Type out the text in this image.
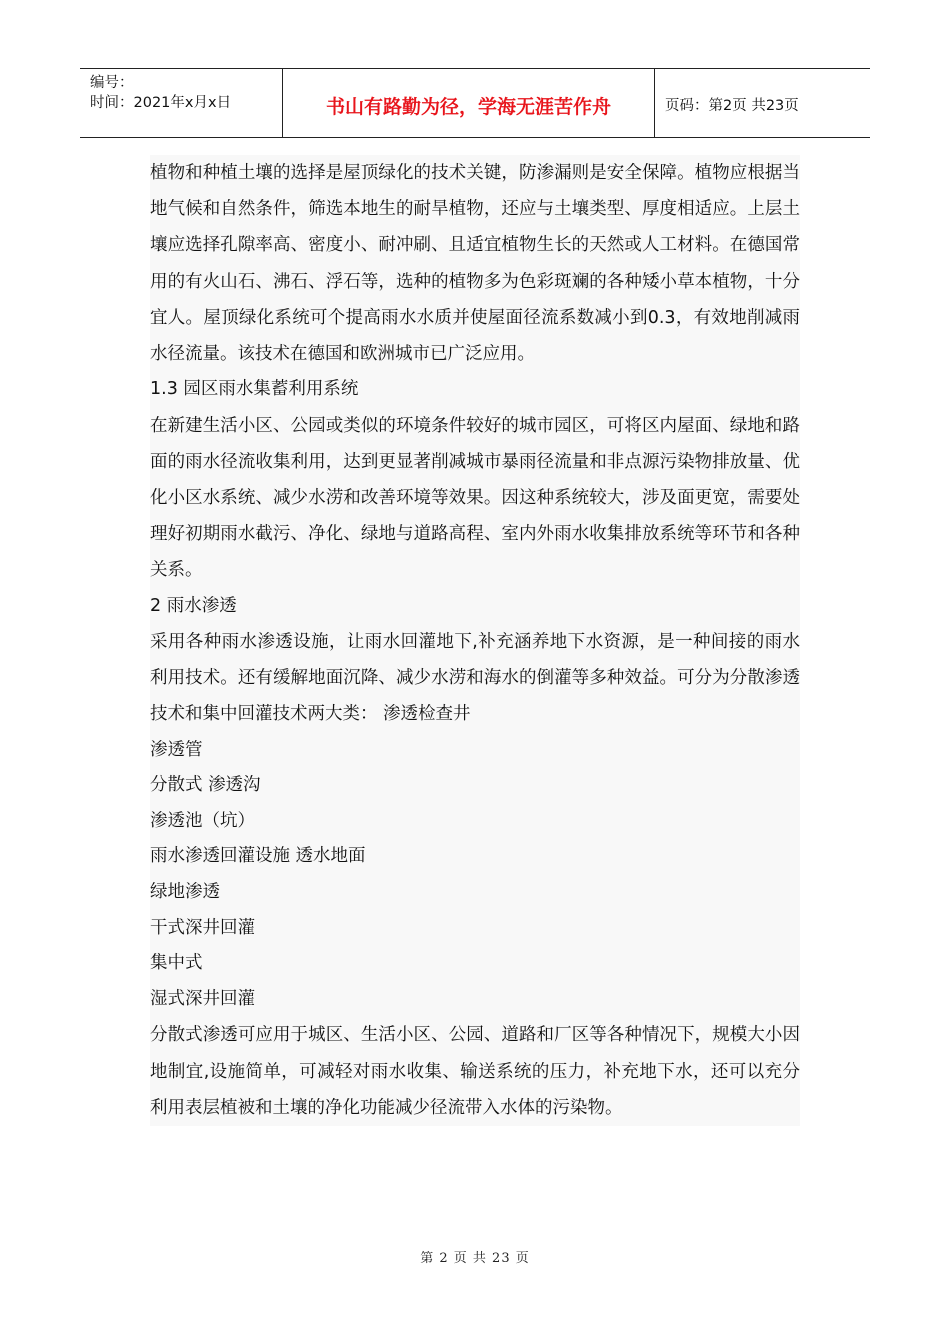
编号：
时间：2021年x月x日	书山有路勤为径，学海无涯苦作舟	页码：第2页 共23页

植物和种植土壤的选择是屋顶绿化的技术关键，防渗漏则是安全保障。植物应根据当地气候和自然条件，筛选本地生的耐旱植物，还应与土壤类型、厚度相适应。上层土壤应选择孔隙率高、密度小、耐冲刷、且适宜植物生长的天然或人工材料。在德国常用的有火山石、沸石、浮石等，选种的植物多为色彩斑斓的各种矮小草本植物，十分宜人。屋顶绿化系统可个提高雨水水质并使屋面径流系数减小到0.3，有效地削减雨水径流量。该技术在德国和欧洲城市已广泛应用。

1.3 园区雨水集蓄利用系统

在新建生活小区、公园或类似的环境条件较好的城市园区，可将区内屋面、绿地和路面的雨水径流收集利用，达到更显著削减城市暴雨径流量和非点源污染物排放量、优化小区水系统、减少水涝和改善环境等效果。因这种系统较大，涉及面更宽，需要处理好初期雨水截污、净化、绿地与道路高程、室内外雨水收集排放系统等环节和各种关系。

2 雨水渗透

采用各种雨水渗透设施，让雨水回灌地下,补充涵养地下水资源，是一种间接的雨水利用技术。还有缓解地面沉降、减少水涝和海水的倒灌等多种效益。可分为分散渗透技术和集中回灌技术两大类： 渗透检查井

渗透管
分散式 渗透沟
渗透池（坑）
雨水渗透回灌设施 透水地面
绿地渗透
干式深井回灌
集中式
湿式深井回灌

分散式渗透可应用于城区、生活小区、公园、道路和厂区等各种情况下，规模大小因地制宜,设施简单，可减轻对雨水收集、输送系统的压力，补充地下水，还可以充分利用表层植被和土壤的净化功能减少径流带入水体的污染物。

第 2 页 共 23 页
